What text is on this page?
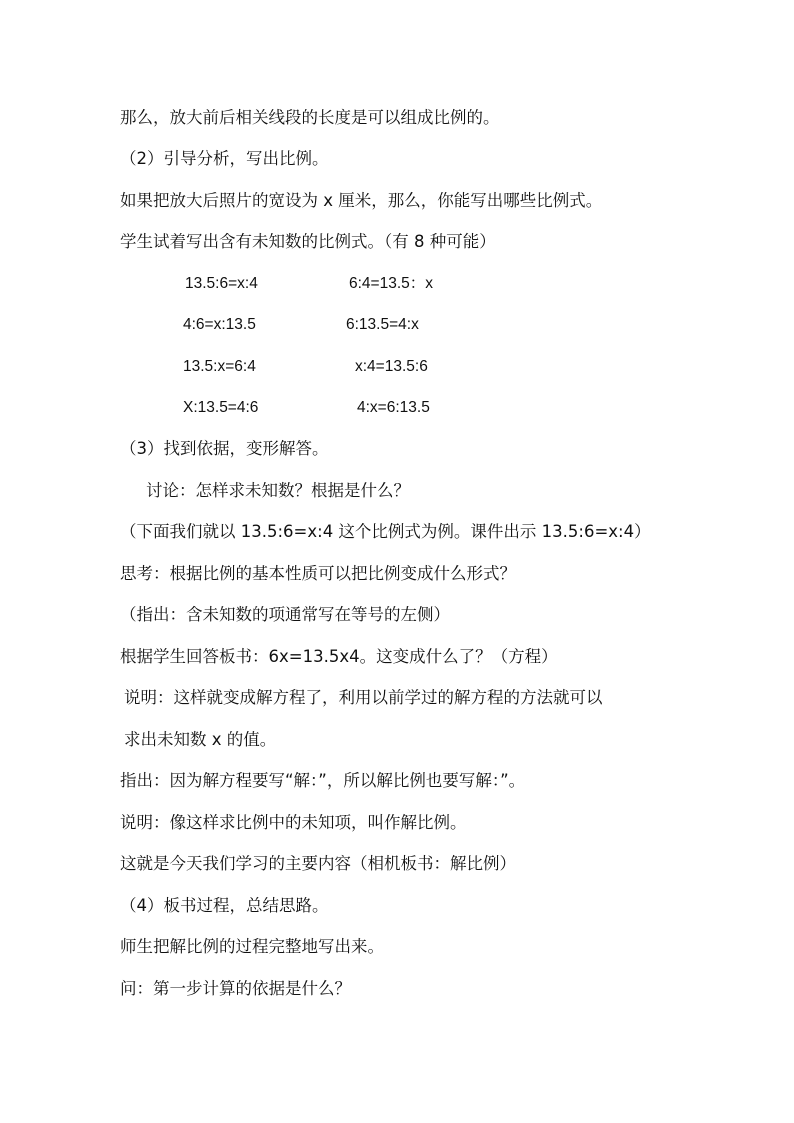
那么，放大前后相关线段的长度是可以组成比例的。
（2）引导分析，写出比例。
如果把放大后照片的宽设为 x 厘米，那么，你能写出哪些比例式。
学生试着写出含有未知数的比例式。（有 8 种可能）
13.5:6=x:4	6:4=13.5：x
4:6=x:13.5	6:13.5=4:x
13.5:x=6:4	x:4=13.5:6
X:13.5=4:6	4:x=6:13.5
（3）找到依据，变形解答。
讨论：怎样求未知数？根据是什么？
（下面我们就以 13.5:6=x:4 这个比例式为例。课件出示 13.5:6=x:4）
思考：根据比例的基本性质可以把比例变成什么形式？
（指出：含未知数的项通常写在等号的左侧）
根据学生回答板书：6x=13.5x4。这变成什么了？（方程）
说明：这样就变成解方程了，利用以前学过的解方程的方法就可以
求出未知数 x 的值。
指出：因为解方程要写“解：”，所以解比例也要写解：”。
说明：像这样求比例中的未知项，叫作解比例。
这就是今天我们学习的主要内容（相机板书：解比例）
（4）板书过程，总结思路。
师生把解比例的过程完整地写出来。
问：第一步计算的依据是什么？
